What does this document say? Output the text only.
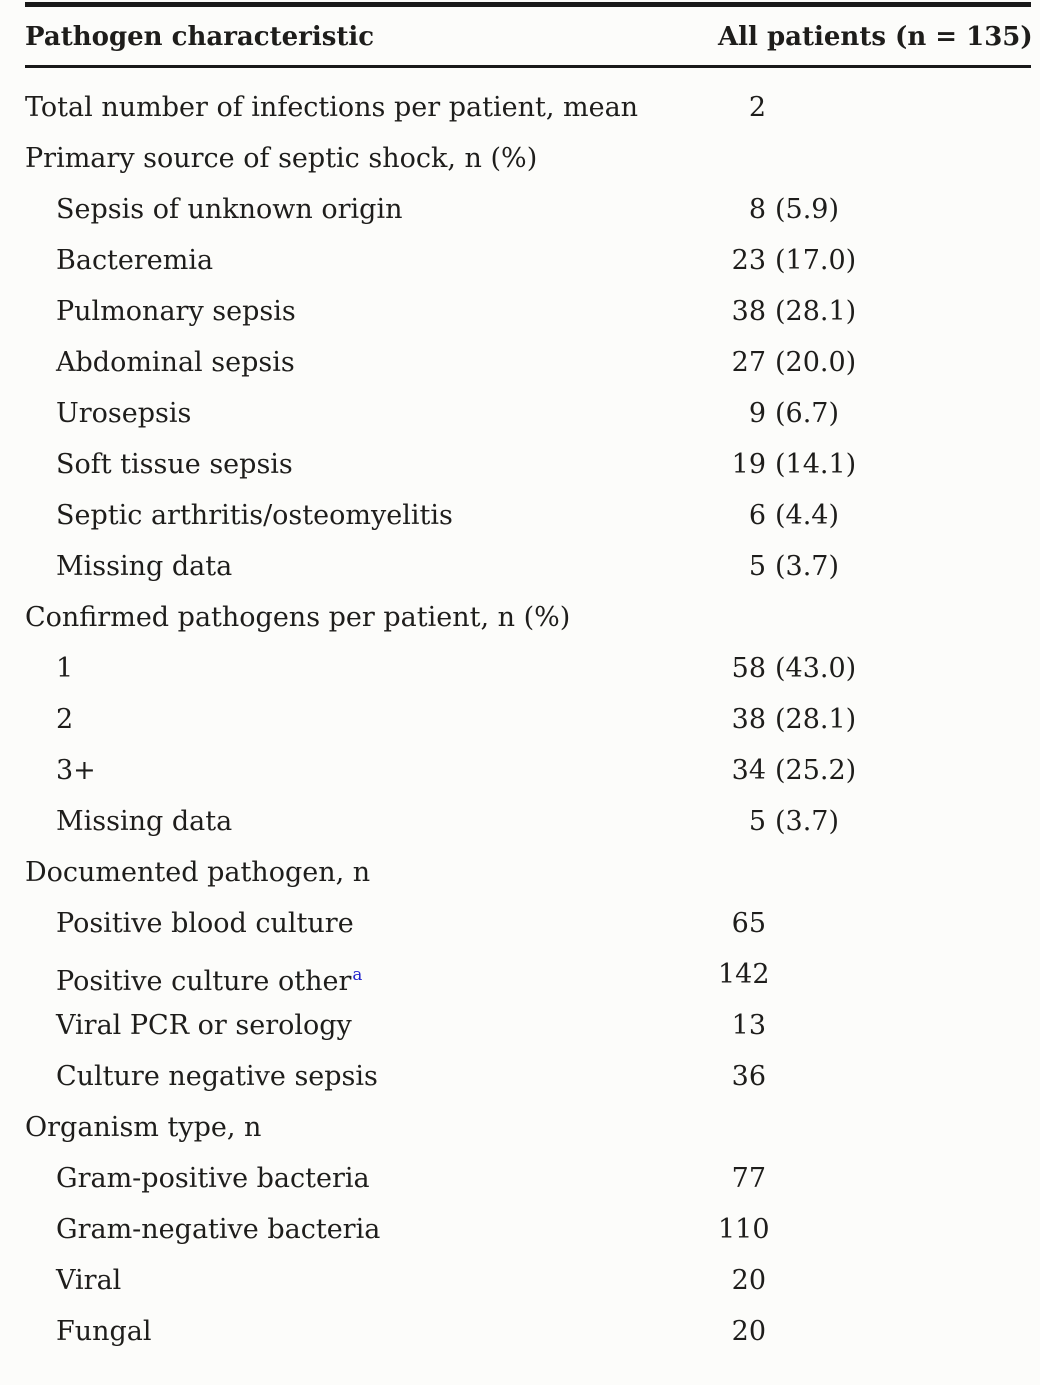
Pathogen characteristic	All patients (n = 135)
Total number of infections per patient, mean	2
Primary source of septic shock, n (%)
Sepsis of unknown origin	8 (5.9)
Bacteremia	23 (17.0)
Pulmonary sepsis	38 (28.1)
Abdominal sepsis	27 (20.0)
Urosepsis	9 (6.7)
Soft tissue sepsis	19 (14.1)
Septic arthritis/osteomyelitis	6 (4.4)
Missing data	5 (3.7)
Confirmed pathogens per patient, n (%)
1	58 (43.0)
2	38 (28.1)
3+	34 (25.2)
Missing data	5 (3.7)
Documented pathogen, n
Positive blood culture	65
Positive culture other$^a$	142
Viral PCR or serology	13
Culture negative sepsis	36
Organism type, n
Gram-positive bacteria	77
Gram-negative bacteria	110
Viral	20
Fungal	20
